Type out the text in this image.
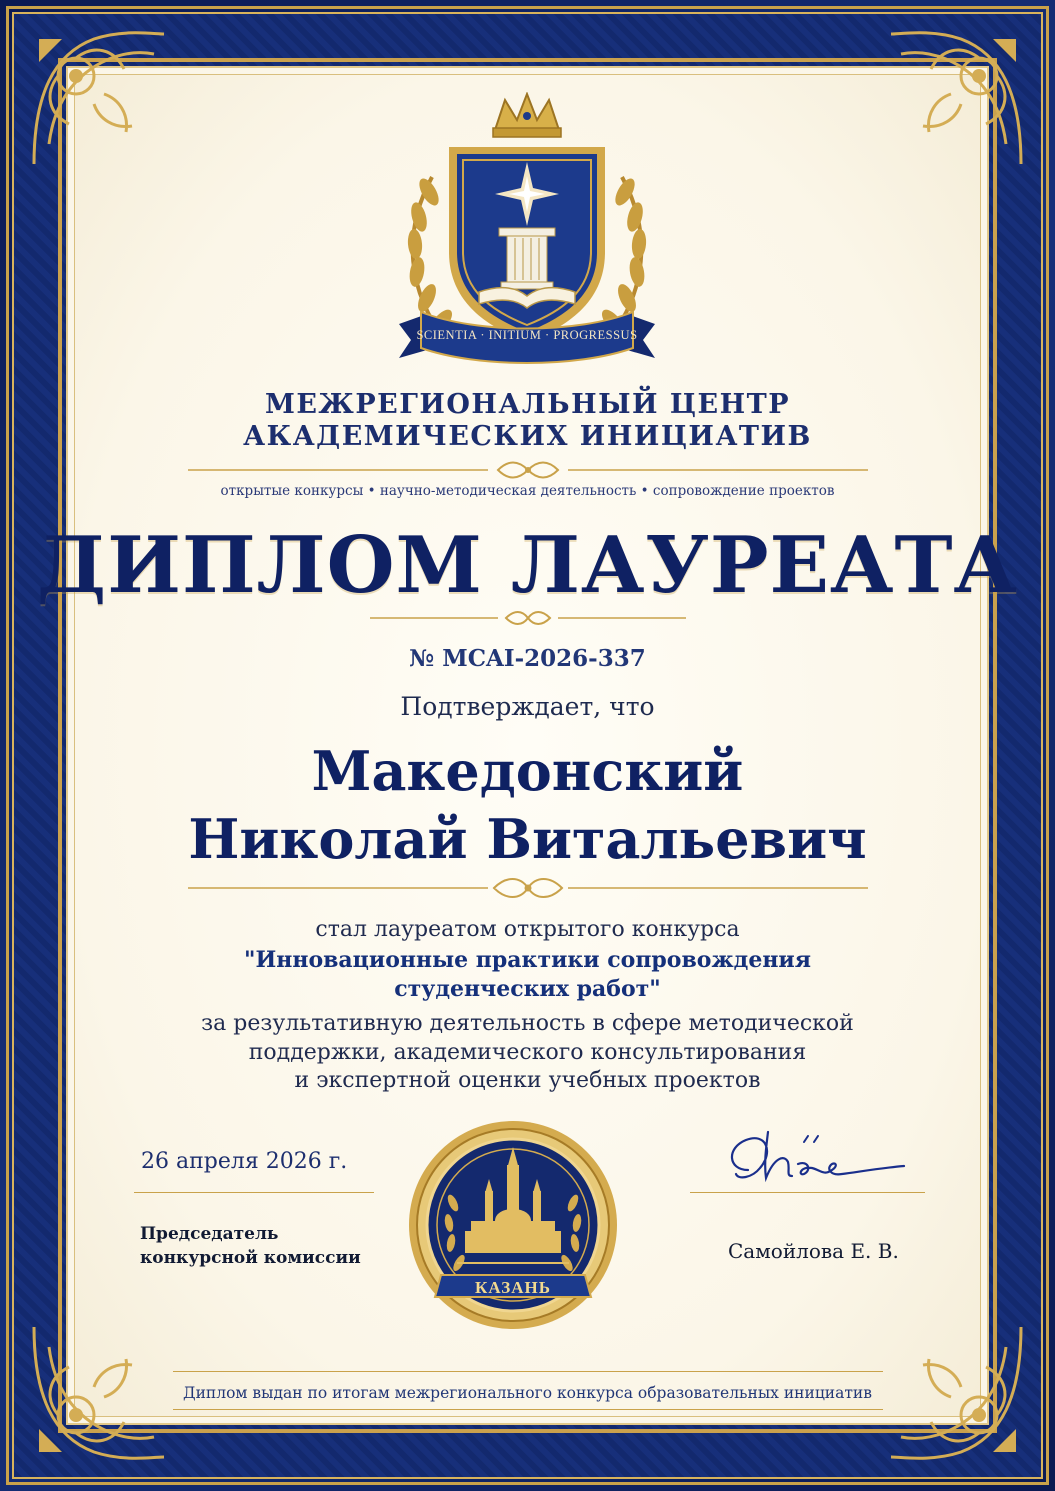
SCIENTIA · INITIUM · PROGRESSUS
МЕЖРЕГИОНАЛЬНЫЙ ЦЕНТР
АКАДЕМИЧЕСКИХ ИНИЦИАТИВ
открытые конкурсы • научно-методическая деятельность • сопровождение проектов
ДИПЛОМ ЛАУРЕАТА
№ MCAI-2026-337
Подтверждает, что
Македонский
Николай Витальевич
стал лауреатом открытого конкурса
"Инновационные практики сопровождения
студенческих работ"
за результативную деятельность в сфере методической
поддержки, академического консультирования
и экспертной оценки учебных проектов
26 апреля 2026 г.
Председатель
конкурсной комиссии	Самойлова Е. В.
КАЗАНЬ
Диплом выдан по итогам межрегионального конкурса образовательных инициатив
